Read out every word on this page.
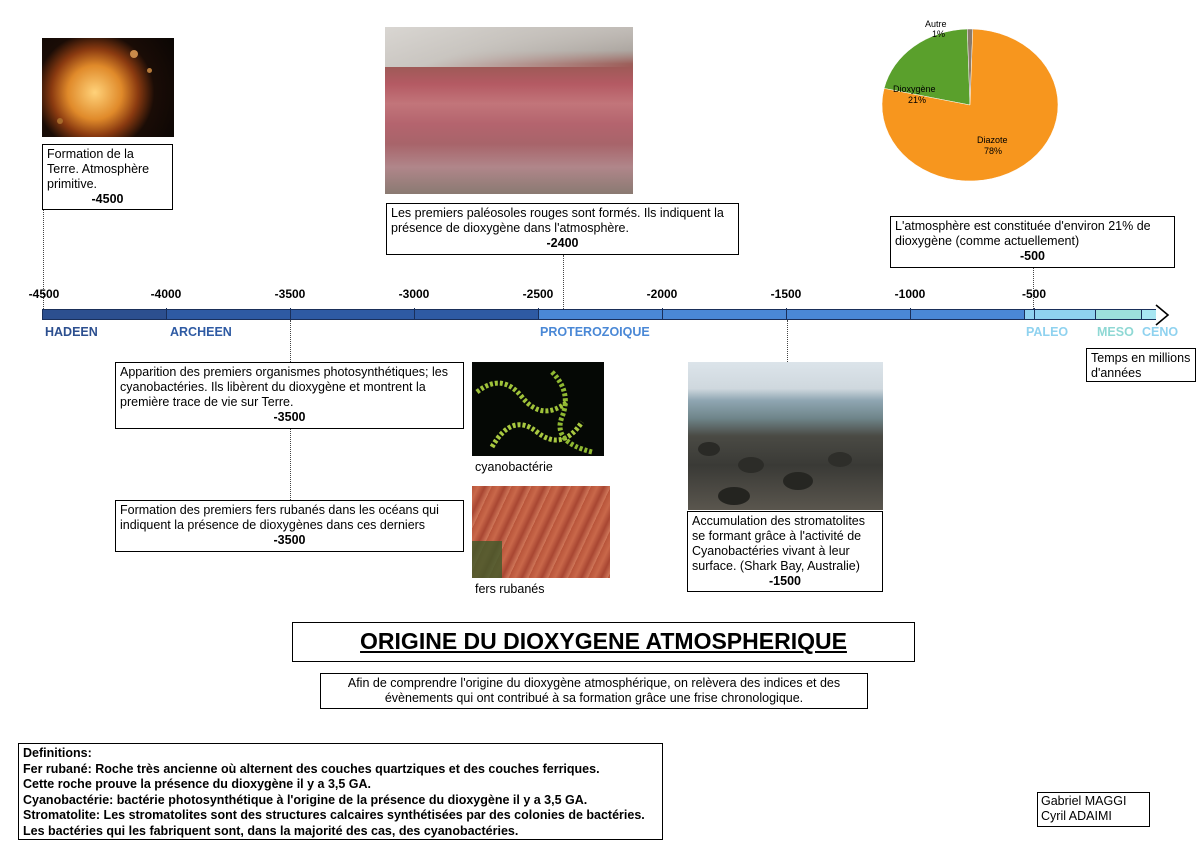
cyanobactérie
fers rubanés
Autre
1%
Dioxygène
21%
Diazote
78%
Formation de la Terre. Atmosphère primitive.
-4500
Les premiers paléosoles rouges sont formés. Ils indiquent la présence de dioxygène dans l'atmosphère.
-2400
L'atmosphère est constituée d'environ 21% de dioxygène (comme actuellement)
-500
Apparition des premiers organismes photosynthétiques; les cyanobactéries. Ils libèrent du dioxygène et montrent la première trace de vie sur Terre.
-3500
Formation des premiers fers rubanés dans les océans qui indiquent la présence de dioxygènes dans ces derniers
-3500
Accumulation des stromatolites se formant grâce à l'activité de Cyanobactéries vivant à leur surface. (Shark Bay, Australie)
-1500
-4500	-4000	-3500	-3000	-2500	-2000	-1500	-1000	-500
HADEEN	ARCHEEN	PROTEROZOIQUE	PALEO MESO CENO
Temps en millions d'années
ORIGINE DU DIOXYGENE ATMOSPHERIQUE
Afin de comprendre l'origine du dioxygène atmosphérique, on relèvera des indices et des évènements qui ont contribué à sa formation grâce une frise chronologique.
Definitions:
Fer rubané: Roche très ancienne où alternent des couches quartziques et des couches ferriques.
Cette roche prouve la présence du dioxygène il y a 3,5 GA.
Cyanobactérie: bactérie photosynthétique à l'origine de la présence du dioxygène il y a 3,5 GA.
Stromatolite: Les stromatolites sont des structures calcaires synthétisées par des colonies de bactéries. Les bactéries qui les fabriquent sont, dans la majorité des cas, des cyanobactéries.
Gabriel MAGGI
Cyril ADAIMI
